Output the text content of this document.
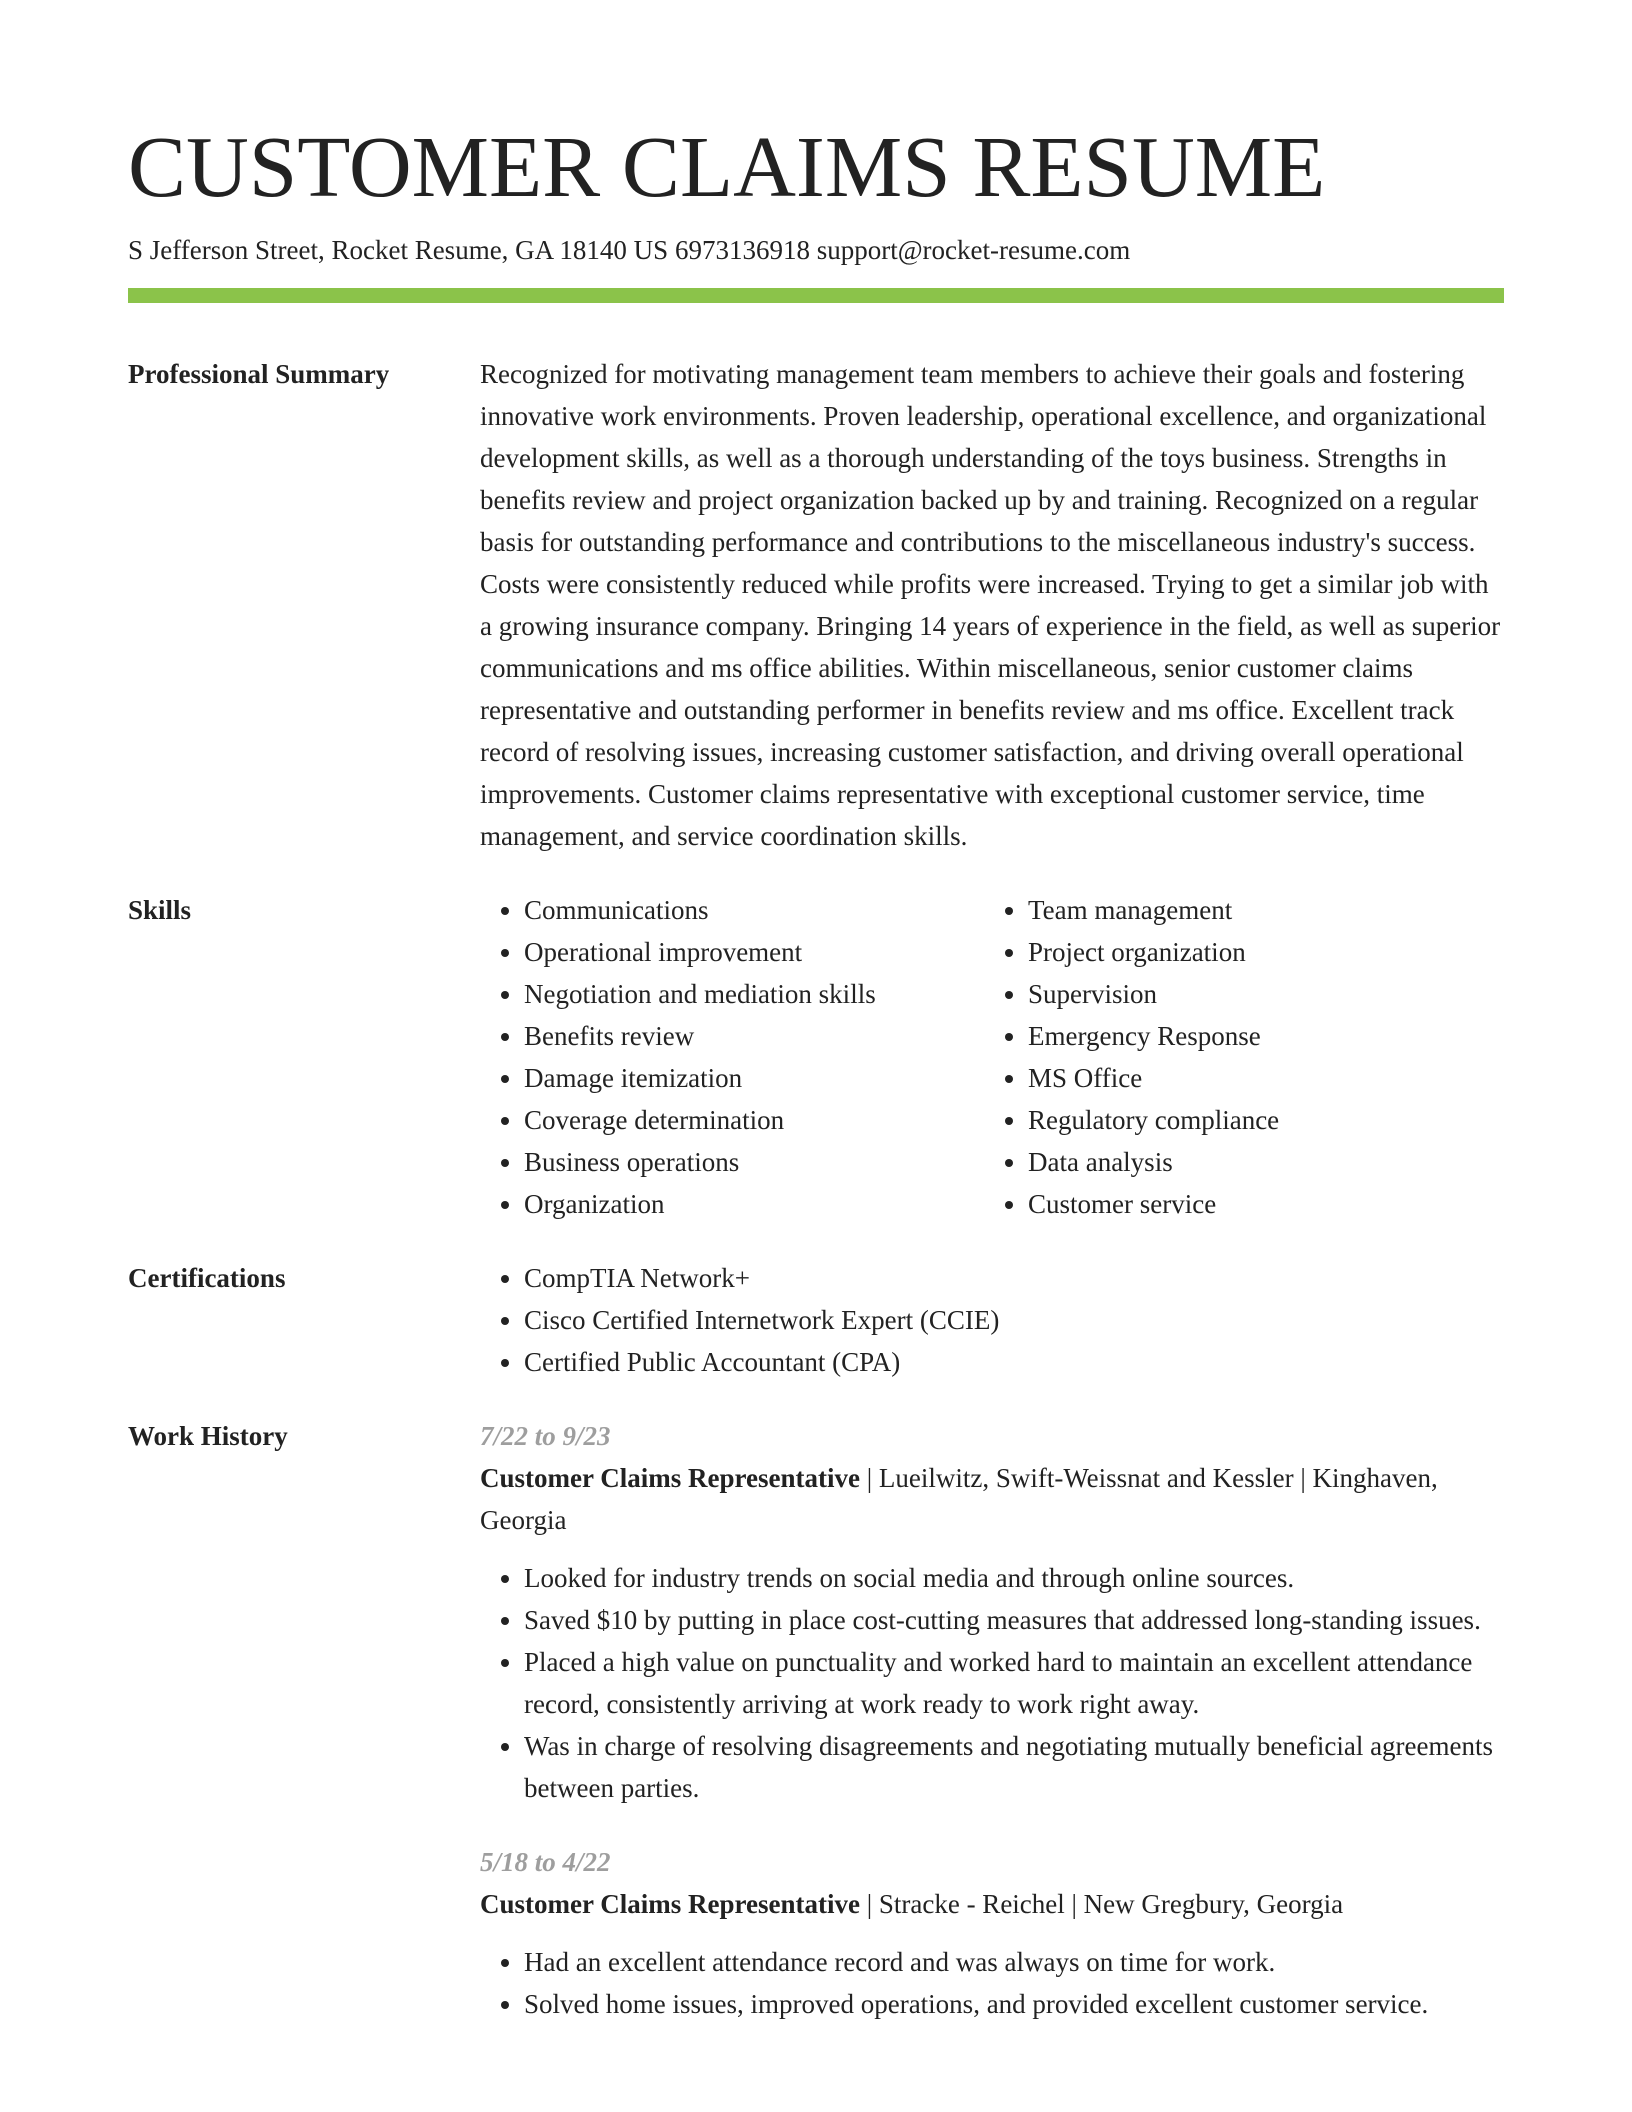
CUSTOMER CLAIMS RESUME
S Jefferson Street, Rocket Resume, GA 18140 US 6973136918 support@rocket-resume.com
Professional Summary	Recognized for motivating management team members to achieve their goals and fostering innovative work environments. Proven leadership, operational excellence, and organizational development skills, as well as a thorough understanding of the toys business. Strengths in benefits review and project organization backed up by and training. Recognized on a regular basis for outstanding performance and contributions to the miscellaneous industry's success. Costs were consistently reduced while profits were increased. Trying to get a similar job with a growing insurance company. Bringing 14 years of experience in the field, as well as superior communications and ms office abilities. Within miscellaneous, senior customer claims representative and outstanding performer in benefits review and ms office. Excellent track record of resolving issues, increasing customer satisfaction, and driving overall operational improvements. Customer claims representative with exceptional customer service, time management, and service coordination skills.

Skills	• Communications
• Operational improvement
• Negotiation and mediation skills
• Benefits review
• Damage itemization
• Coverage determination
• Business operations
• Organization
• Team management
• Project organization
• Supervision
• Emergency Response
• MS Office
• Regulatory compliance
• Data analysis
• Customer service
Certifications	• CompTIA Network+
• Cisco Certified Internetwork Expert (CCIE)
• Certified Public Accountant (CPA)
Work History	7/22 to 9/23
Customer Claims Representative | Lueilwitz, Swift-Weissnat and Kessler | Kinghaven, Georgia
• Looked for industry trends on social media and through online sources.
• Saved $10 by putting in place cost-cutting measures that addressed long-standing issues.
• Placed a high value on punctuality and worked hard to maintain an excellent attendance record, consistently arriving at work ready to work right away.
• Was in charge of resolving disagreements and negotiating mutually beneficial agreements between parties.
5/18 to 4/22
Customer Claims Representative | Stracke - Reichel | New Gregbury, Georgia
• Had an excellent attendance record and was always on time for work.
• Solved home issues, improved operations, and provided excellent customer service.
